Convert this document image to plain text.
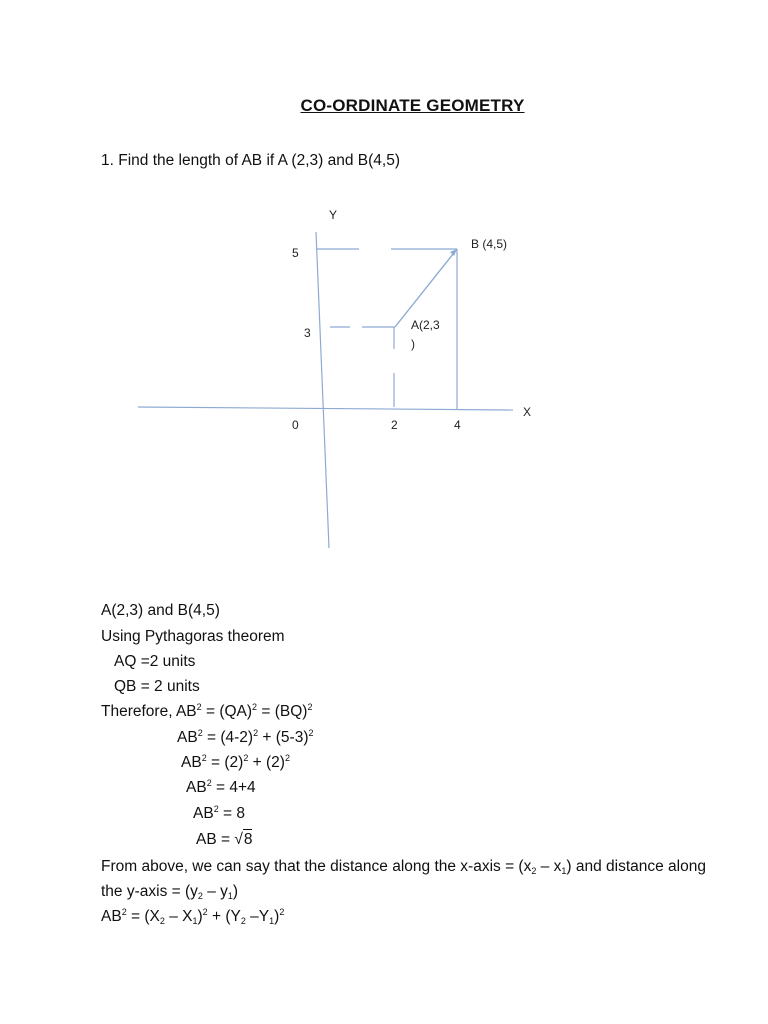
CO-ORDINATE GEOMETRY
1. Find the length of AB if A (2,3) and B(4,5)
Y
X
5
3
0	2	4
B (4,5)
A(2,3
)
A(2,3) and B(4,5)
Using Pythagoras theorem
AQ =2 units
QB = 2 units
Therefore, $AB^2 = (QA)^2 = (BQ)^2$
$AB^2 = (4-2)^2 + (5-3)^2$
$AB^2 = (2)^2 + (2)^2$
$AB^2 = 4+4$
$AB^2 = 8$
AB = √8
From above, we can say that the distance along the x-axis = $(x_2 - x_1)$ and distance along
the y-axis = $(y_2 - y_1)$
$AB^2 = (X_2 - X_1)^2 + (Y_2$ $-Y_1)^2$
